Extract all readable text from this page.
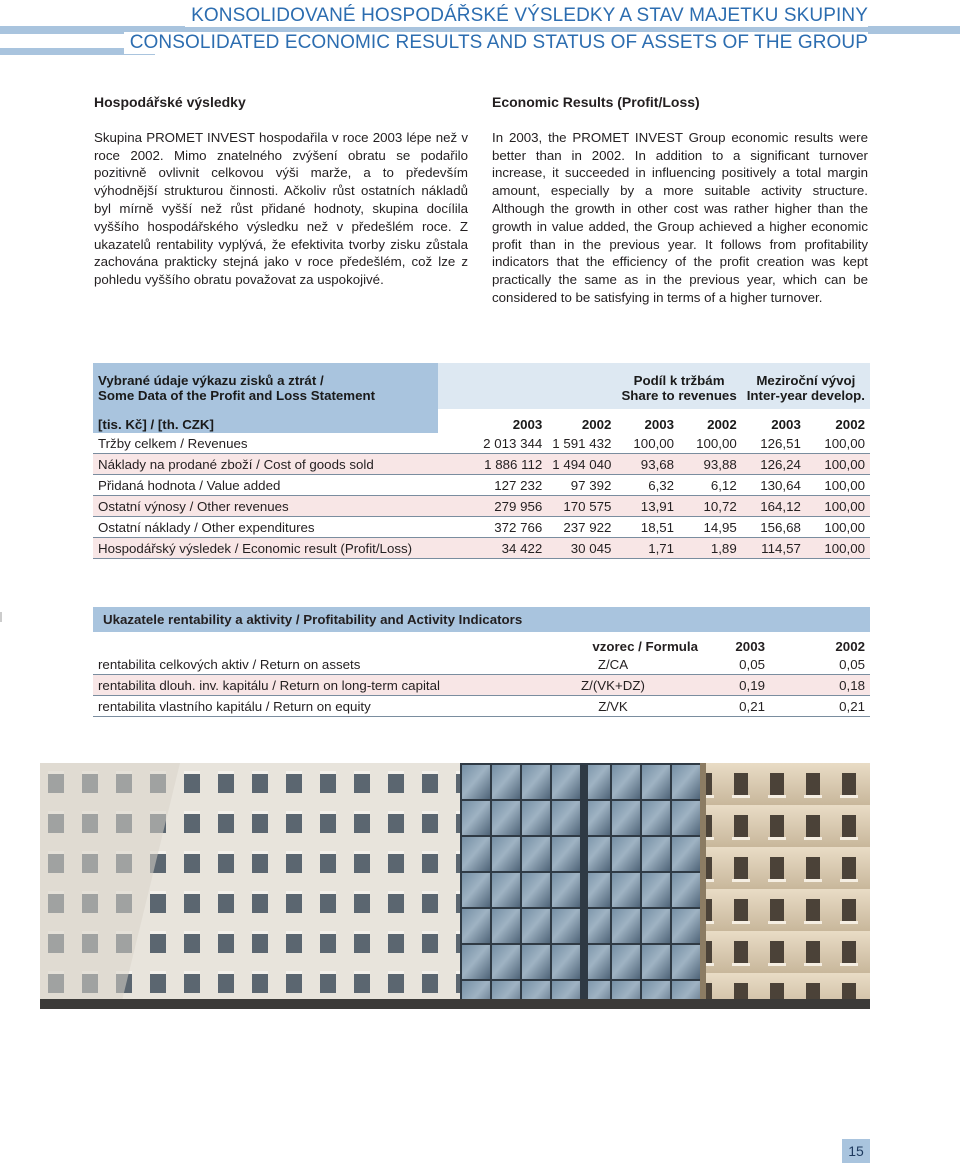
KONSOLIDOVANÉ HOSPODÁŘSKÉ VÝSLEDKY A STAV MAJETKU SKUPINY
CONSOLIDATED ECONOMIC RESULTS AND STATUS OF ASSETS OF THE GROUP
Hospodářské výsledky

Skupina PROMET INVEST hospodařila v roce 2003 lépe než v roce 2002. Mimo znatelného zvýšení obratu se podařilo pozitivně ovlivnit celkovou výši marže, a to především výhodnější strukturou činnosti. Ačkoliv růst ostatních nákladů byl mírně vyšší než růst přidané hodnoty, skupina docílila vyššího hospodářského výsledku než v předešlém roce. Z ukazatelů rentability vyplývá, že efektivita tvorby zisku zůstala zachována prakticky stejná jako v roce předešlém, což lze z pohledu vyššího obratu považovat za uspokojivé.

Economic Results (Profit/Loss)

In 2003, the PROMET INVEST Group economic results were better than in 2002. In addition to a significant turnover increase, it succeeded in influencing positively a total margin amount, especially by a more suitable activity structure. Although the growth in other cost was rather higher than the growth in value added, the Group achieved a higher economic profit than in the previous year. It follows from profitability indicators that the efficiency of the profit creation was kept practically the same as in the previous year, which can be considered to be satisfying in terms of a higher turnover.

Vybrané údaje výkazu zisků a ztrát /			Podíl k tržbám		Meziroční vývoj	
Some Data of the Profit and Loss Statement			Share to revenues		Inter-year develop.	
[tis. Kč] / [th. CZK]	2003	2002	2003	2002	2003	2002
Tržby celkem / Revenues	2 013 344	1 591 432	100,00	100,00	126,51	100,00
Náklady na prodané zboží / Cost of goods sold	1 886 112	1 494 040	93,68	93,88	126,24	100,00
Přidaná hodnota / Value added	127 232	97 392	6,32	6,12	130,64	100,00
Ostatní výnosy / Other revenues	279 956	170 575	13,91	10,72	164,12	100,00
Ostatní náklady / Other expenditures	372 766	237 922	18,51	14,95	156,68	100,00
Hospodářský výsledek / Economic result (Profit/Loss)	34 422	30 045	1,71	1,89	114,57	100,00
Ukazatele rentability a aktivity / Profitability and Activity Indicators			
	vzorec / Formula	2003	2002
rentabilita celkových aktiv / Return on assets	Z/CA	0,05	0,05
rentabilita dlouh. inv. kapitálu / Return on long-term capital	Z/(VK+DZ)	0,19	0,18
rentabilita vlastního kapitálu / Return on equity	Z/VK	0,21	0,21
15
